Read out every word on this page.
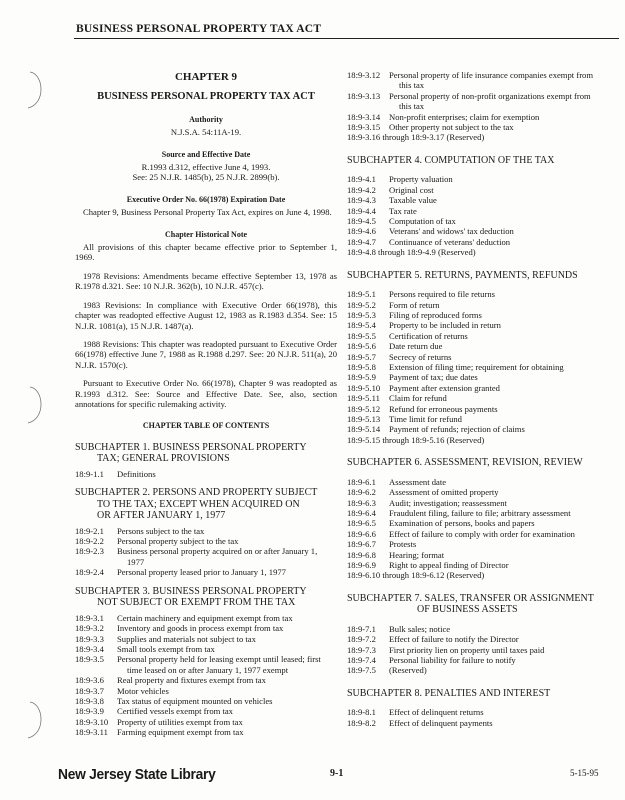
BUSINESS PERSONAL PROPERTY TAX ACT
CHAPTER 9
BUSINESS PERSONAL PROPERTY TAX ACT
Authority
N.J.S.A. 54:11A-19.
Source and Effective Date
R.1993 d.312, effective June 4, 1993.
See: 25 N.J.R. 1485(b), 25 N.J.R. 2899(b).
Executive Order No. 66(1978) Expiration Date

Chapter 9, Business Personal Property Tax Act, expires on June 4, 1998.

Chapter Historical Note

All provisions of this chapter became effective prior to September 1, 1969.

1978 Revisions: Amendments became effective September 13, 1978 as R.1978 d.321. See: 10 N.J.R. 362(b), 10 N.J.R. 457(c).

1983 Revisions: In compliance with Executive Order 66(1978), this chapter was readopted effective August 12, 1983 as R.1983 d.354. See: 15 N.J.R. 1081(a), 15 N.J.R. 1487(a).

1988 Revisions: This chapter was readopted pursuant to Executive Order 66(1978) effective June 7, 1988 as R.1988 d.297. See: 20 N.J.R. 511(a), 20 N.J.R. 1570(c).

Pursuant to Executive Order No. 66(1978), Chapter 9 was readopted as R.1993 d.312. See: Source and Effective Date. See, also, section annotations for specific rulemaking activity.

CHAPTER TABLE OF CONTENTS
SUBCHAPTER 1. BUSINESS PERSONAL PROPERTY
TAX; GENERAL PROVISIONS
18:9-1.1	Definitions
SUBCHAPTER 2. PERSONS AND PROPERTY SUBJECT
TO THE TAX; EXCEPT WHEN ACQUIRED ON
OR AFTER JANUARY 1, 1977
18:9-2.1	Persons subject to the tax
18:9-2.2	Personal property subject to the tax
18:9-2.3	Business personal property acquired on or after January 1,
1977
18:9-2.4	Personal property leased prior to January 1, 1977
SUBCHAPTER 3. BUSINESS PERSONAL PROPERTY
NOT SUBJECT OR EXEMPT FROM THE TAX
18:9-3.1	Certain machinery and equipment exempt from tax
18:9-3.2	Inventory and goods in process exempt from tax
18:9-3.3	Supplies and materials not subject to tax
18:9-3.4	Small tools exempt from tax
18:9-3.5	Personal property held for leasing exempt until leased; first
time leased on or after January 1, 1977 exempt
18:9-3.6	Real property and fixtures exempt from tax
18:9-3.7	Motor vehicles
18:9-3.8	Tax status of equipment mounted on vehicles
18:9-3.9	Certified vessels exempt from tax
18:9-3.10	Property of utilities exempt from tax
18:9-3.11	Farming equipment exempt from tax
18:9-3.12	Personal property of life insurance companies exempt from
this tax
18:9-3.13	Personal property of non-profit organizations exempt from
this tax
18:9-3.14	Non-profit enterprises; claim for exemption
18:9-3.15	Other property not subject to the tax
18:9-3.16 through 18:9-3.17 (Reserved)
SUBCHAPTER 4. COMPUTATION OF THE TAX
18:9-4.1	Property valuation
18:9-4.2	Original cost
18:9-4.3	Taxable value
18:9-4.4	Tax rate
18:9-4.5	Computation of tax
18:9-4.6	Veterans' and widows' tax deduction
18:9-4.7	Continuance of veterans' deduction
18:9-4.8 through 18:9-4.9 (Reserved)
SUBCHAPTER 5. RETURNS, PAYMENTS, REFUNDS
18:9-5.1	Persons required to file returns
18:9-5.2	Form of return
18:9-5.3	Filing of reproduced forms
18:9-5.4	Property to be included in return
18:9-5.5	Certification of returns
18:9-5.6	Date return due
18:9-5.7	Secrecy of returns
18:9-5.8	Extension of filing time; requirement for obtaining
18:9-5.9	Payment of tax; due dates
18:9-5.10	Payment after extension granted
18:9-5.11	Claim for refund
18:9-5.12	Refund for erroneous payments
18:9-5.13	Time limit for refund
18:9-5.14	Payment of refunds; rejection of claims
18:9-5.15 through 18:9-5.16 (Reserved)
SUBCHAPTER 6. ASSESSMENT, REVISION, REVIEW
18:9-6.1	Assessment date
18:9-6.2	Assessment of omitted property
18:9-6.3	Audit; investigation; reassessment
18:9-6.4	Fraudulent filing, failure to file; arbitrary assessment
18:9-6.5	Examination of persons, books and papers
18:9-6.6	Effect of failure to comply with order for examination
18:9-6.7	Protests
18:9-6.8	Hearing; format
18:9-6.9	Right to appeal finding of Director
18:9-6.10 through 18:9-6.12 (Reserved)
SUBCHAPTER 7. SALES, TRANSFER OR ASSIGNMENT
OF BUSINESS ASSETS
18:9-7.1	Bulk sales; notice
18:9-7.2	Effect of failure to notify the Director
18:9-7.3	First priority lien on property until taxes paid
18:9-7.4	Personal liability for failure to notify
18:9-7.5	(Reserved)
SUBCHAPTER 8. PENALTIES AND INTEREST
18:9-8.1	Effect of delinquent returns
18:9-8.2	Effect of delinquent payments
New Jersey State Library	9-1	5-15-95
